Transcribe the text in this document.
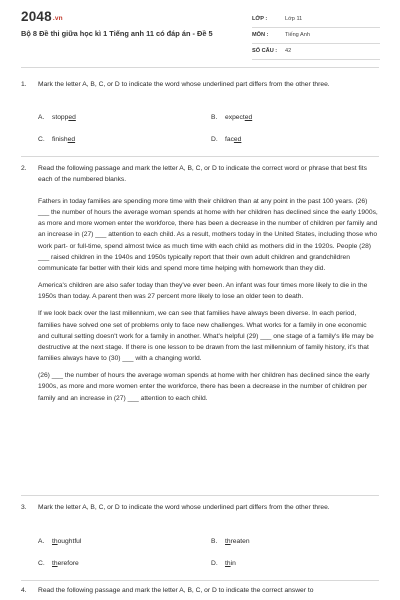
2048.vn
Bộ 8 Đề thi giữa học kì 1 Tiếng anh 11 có đáp án - Đề 5
LỚP :	Lớp 11
MÔN :	Tiếng Anh
SỐ CÂU : 42
1. Mark the letter A, B, C, or D to indicate the word whose underlined part differs from the other three.
A. stopped	B. expected
C. finished	D. faced
2. Read the following passage and mark the letter A, B, C, or D to indicate the correct word or phrase that best fits each of the numbered blanks.

Fathers in today families are spending more time with their children than at any point in the past 100 years. (26) ___ the number of hours the average woman spends at home with her children has declined since the early 1900s, as more and more women enter the workforce, there has been a decrease in the number of children per family and an increase in (27) ___ attention to each child. As a result, mothers today in the United States, including those who work part- or full-time, spend almost twice as much time with each child as mothers did in the 1920s. People (28) ___ raised children in the 1940s and 1950s typically report that their own adult children and grandchildren communicate far better with their kids and spend more time helping with homework than they did.

America's children are also safer today than they've ever been. An infant was four times more likely to die in the 1950s than today. A parent then was 27 percent more likely to lose an older teen to death.

If we look back over the last millennium, we can see that families have always been diverse. In each period, families have solved one set of problems only to face new challenges. What works for a family in one economic and cultural setting doesn't work for a family in another. What's helpful (29) ___ one stage of a family's life may be destructive at the next stage. If there is one lesson to be drawn from the last millennium of family history, it's that families always have to (30) ___ with a changing world.

(26) ___ the number of hours the average woman spends at home with her children has declined since the early 1900s, as more and more women enter the workforce, there has been a decrease in the number of children per family and an increase in (27) ___ attention to each child.

3. Mark the letter A, B, C, or D to indicate the word whose underlined part differs from the other three.
A. thoughtful	B. threaten
C. therefore	D. thin
4. Read the following passage and mark the letter A, B, C, or D to indicate the correct answer to
